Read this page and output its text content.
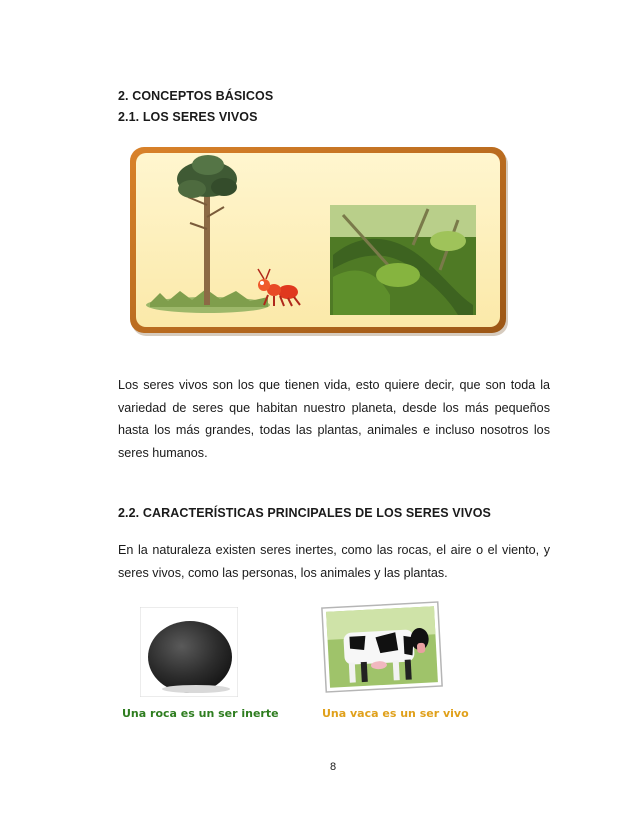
2. CONCEPTOS BÁSICOS
2.1. LOS SERES VIVOS
Los seres vivos son los que tienen vida, esto quiere decir, que son toda la variedad de seres que habitan nuestro planeta, desde los más pequeños hasta los más grandes, todas las plantas, animales e incluso nosotros los seres humanos.
2.2. CARACTERÍSTICAS PRINCIPALES DE LOS SERES VIVOS
En la naturaleza existen seres inertes, como las rocas, el aire o el viento, y seres vivos, como las personas, los animales y las plantas.
Una roca es un ser inerte	Una vaca es un ser vivo
8
